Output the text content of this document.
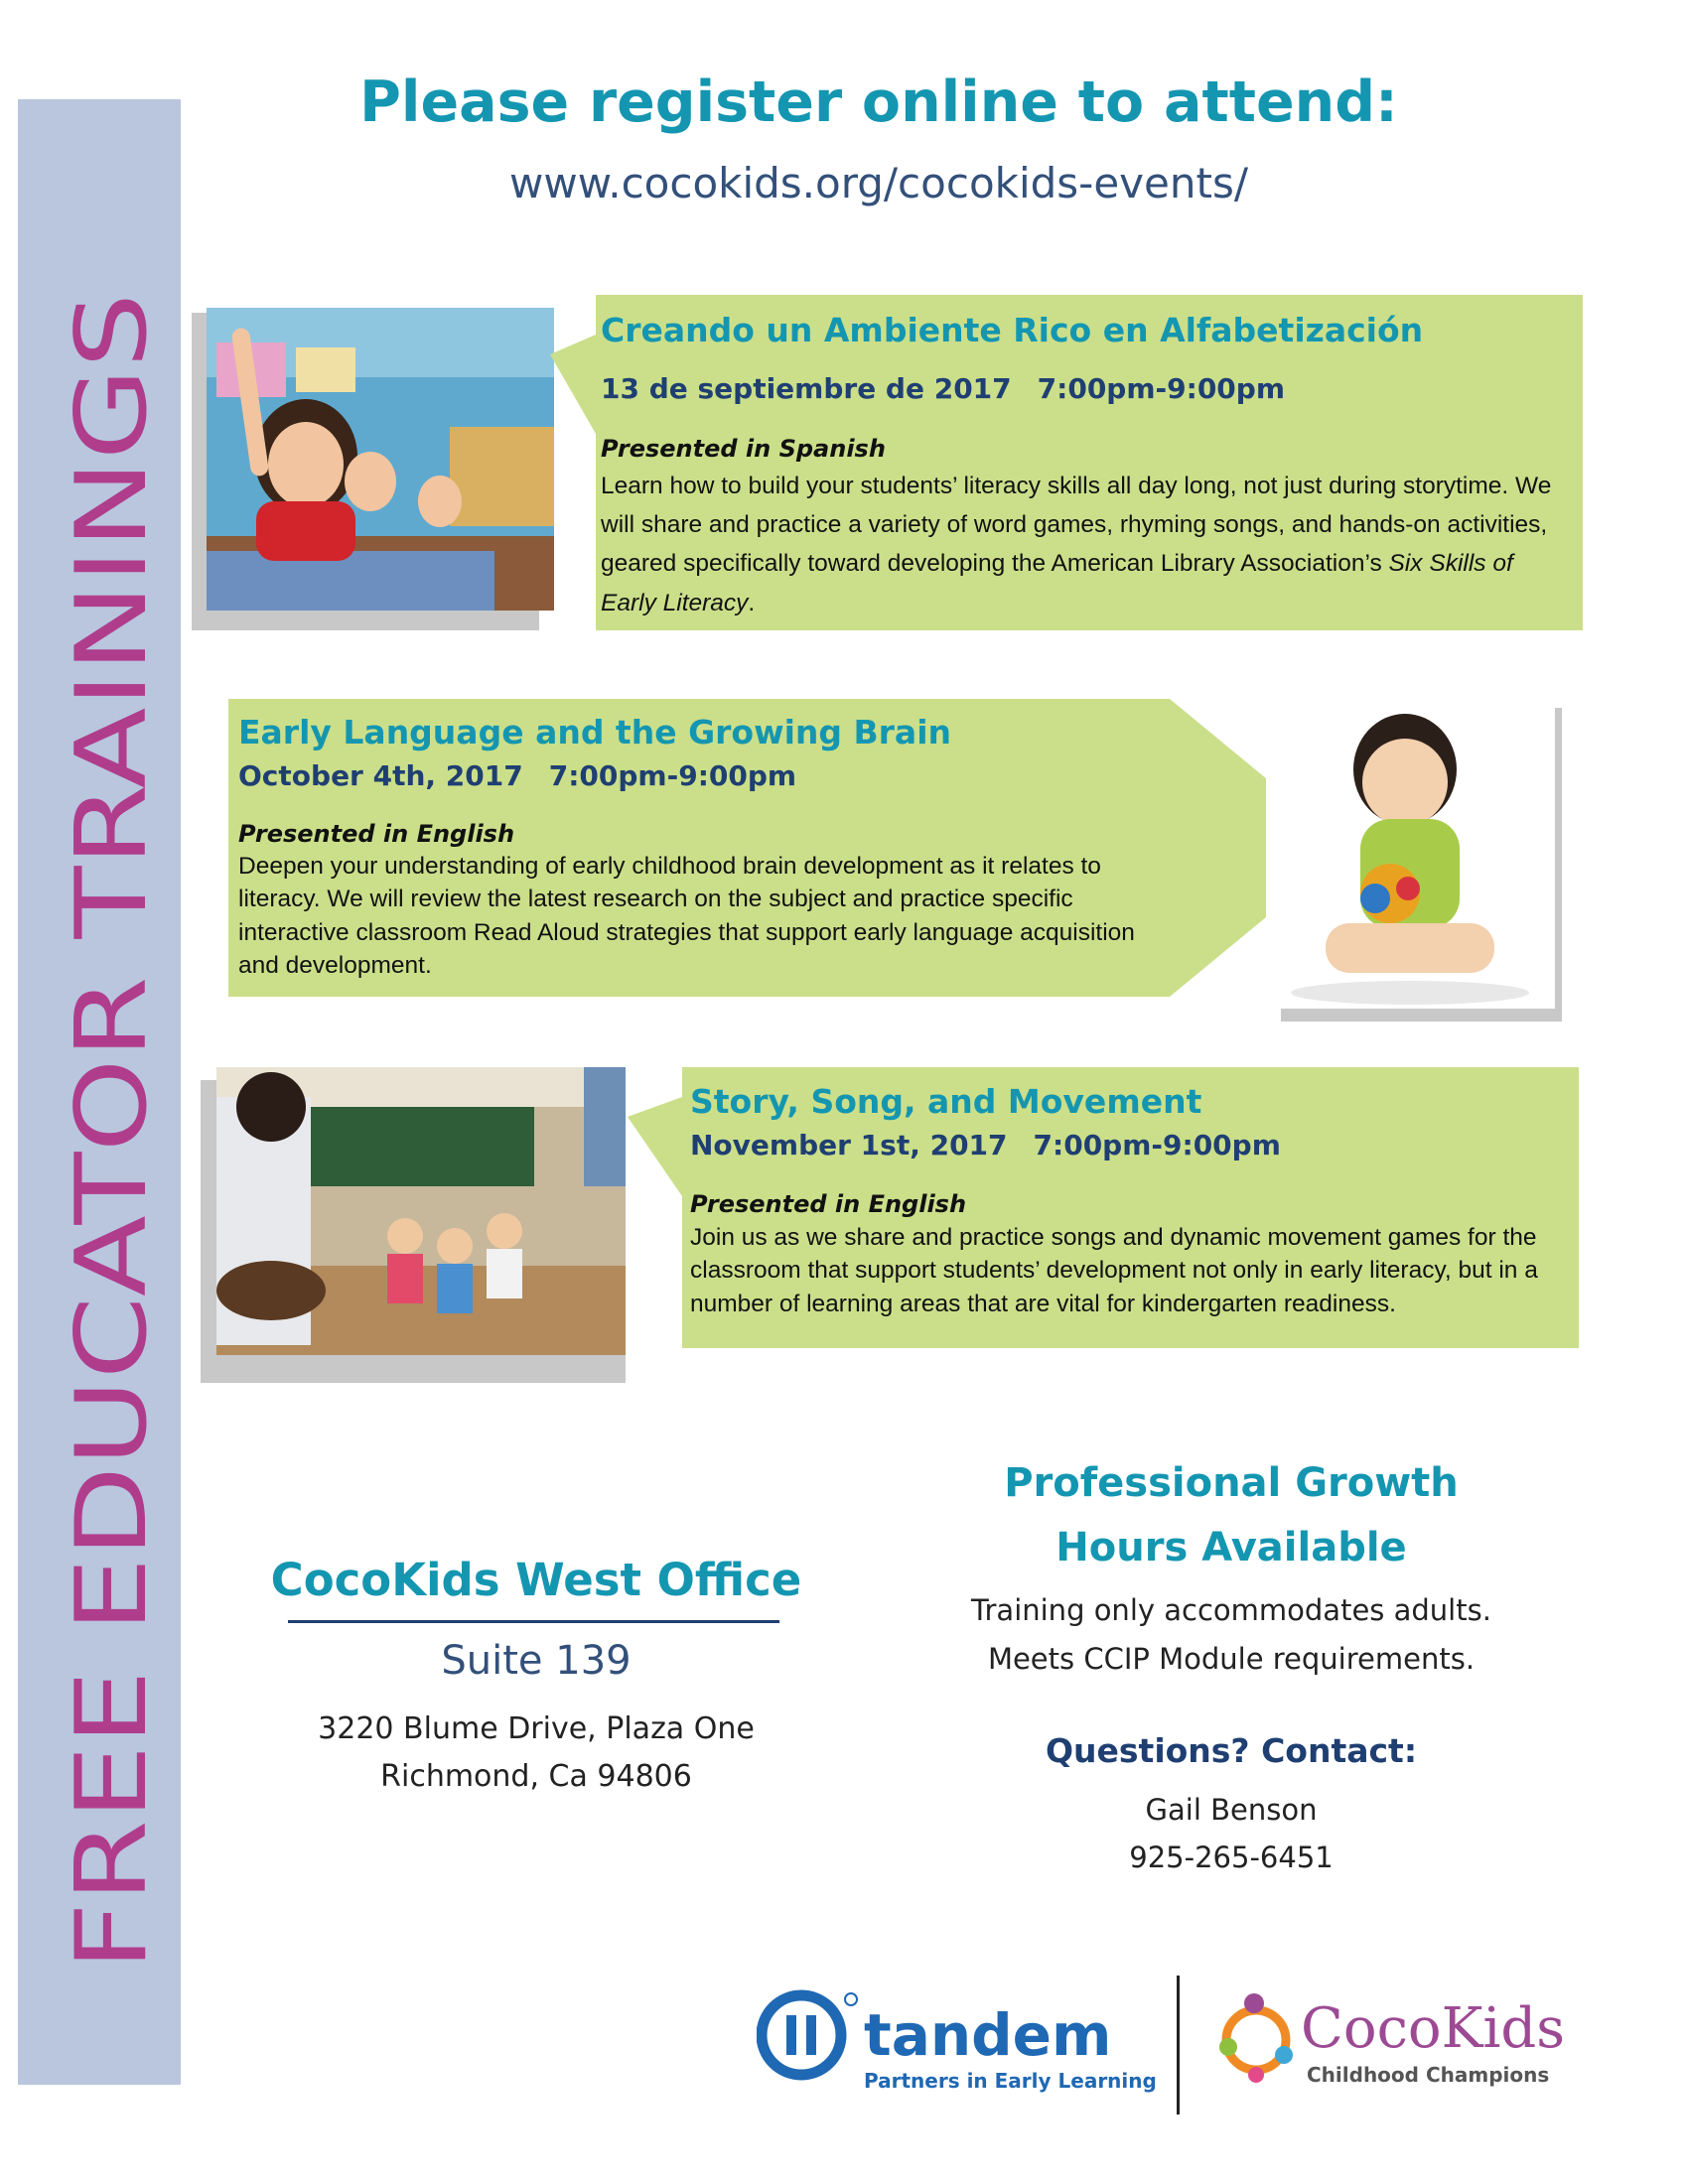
FREE EDUCATOR TRAININGS
Please register online to attend:
www.cocokids.org/cocokids-events/
Creando un Ambiente Rico en Alfabetización
13 de septiembre de 2017 7:00pm-9:00pm
Presented in Spanish
Learn how to build your students’ literacy skills all day long, not just during storytime. We will share and practice a variety of word games, rhyming songs, and hands-on activities, geared specifically toward developing the American Library Association’s Six Skills of Early Literacy.
Early Language and the Growing Brain
October 4th, 2017 7:00pm-9:00pm
Presented in English
Deepen your understanding of early childhood brain development as it relates to literacy. We will review the latest research on the subject and practice specific interactive classroom Read Aloud strategies that support early language acquisition and development.
Story, Song, and Movement
November 1st, 2017 7:00pm-9:00pm
Presented in English
Join us as we share and practice songs and dynamic movement games for the classroom that support students’ development not only in early literacy, but in a number of learning areas that are vital for kindergarten readiness.
CocoKids West Office
Suite 139
3220 Blume Drive, Plaza One
Richmond, Ca 94806
Professional Growth
Hours Available
Training only accommodates adults.
Meets CCIP Module requirements.
Questions? Contact:
Gail Benson
925-265-6451
tandem
Partners in Early Learning
CocoKids
Childhood Champions
